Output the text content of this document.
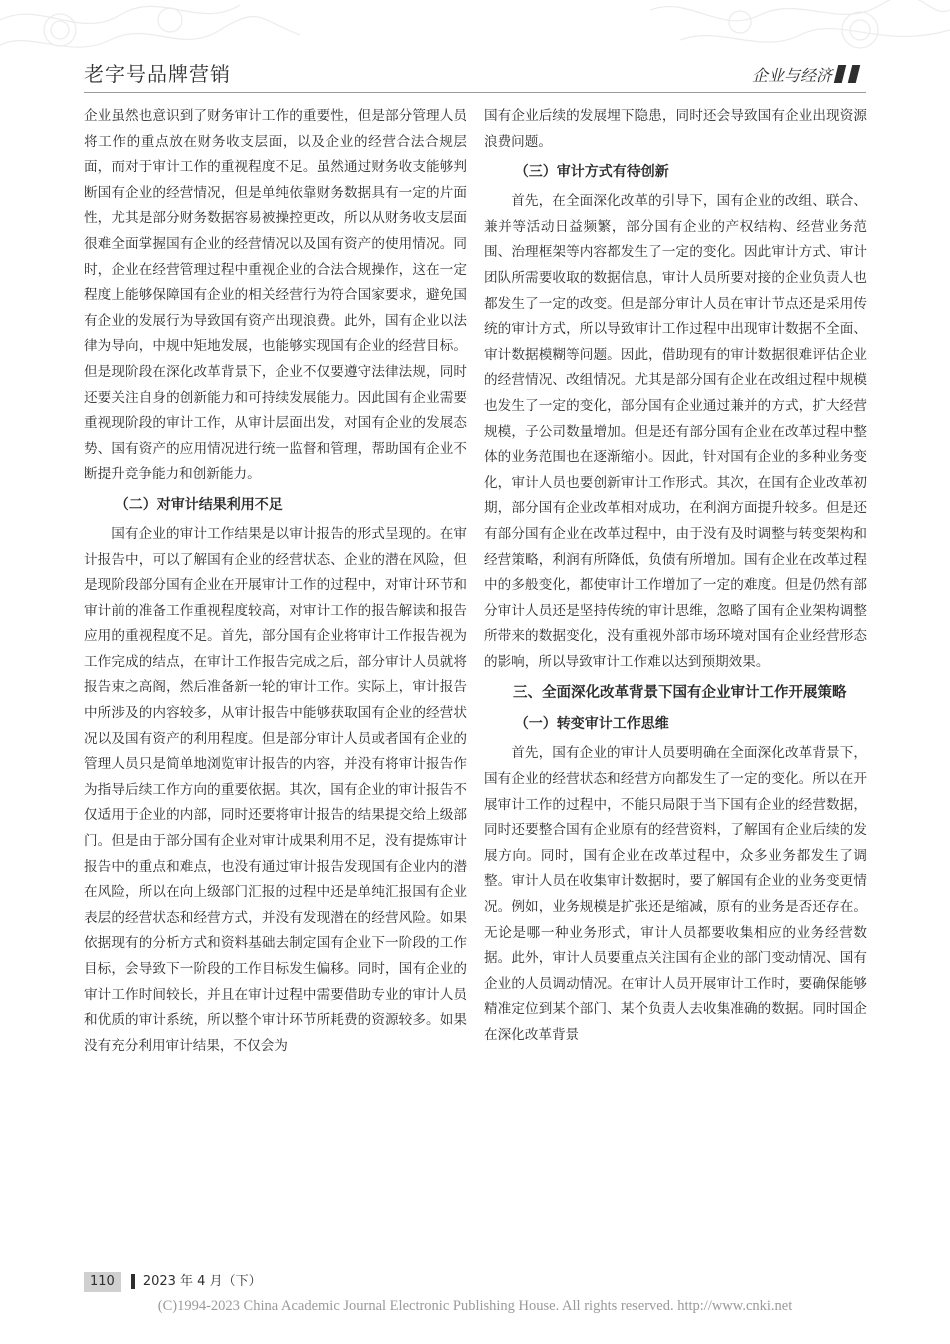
老字号品牌营销	企业与经济

企业虽然也意识到了财务审计工作的重要性，但是部分管理人员将工作的重点放在财务收支层面，以及企业的经营合法合规层面，而对于审计工作的重视程度不足。虽然通过财务收支能够判断国有企业的经营情况，但是单纯依靠财务数据具有一定的片面性，尤其是部分财务数据容易被操控更改，所以从财务收支层面很难全面掌握国有企业的经营情况以及国有资产的使用情况。同时，企业在经营管理过程中重视企业的合法合规操作，这在一定程度上能够保障国有企业的相关经营行为符合国家要求，避免国有企业的发展行为导致国有资产出现浪费。此外，国有企业以法律为导向，中规中矩地发展，也能够实现国有企业的经营目标。但是现阶段在深化改革背景下，企业不仅要遵守法律法规，同时还要关注自身的创新能力和可持续发展能力。因此国有企业需要重视现阶段的审计工作，从审计层面出发，对国有企业的发展态势、国有资产的应用情况进行统一监督和管理，帮助国有企业不断提升竞争能力和创新能力。

（二）对审计结果利用不足

国有企业的审计工作结果是以审计报告的形式呈现的。在审计报告中，可以了解国有企业的经营状态、企业的潜在风险，但是现阶段部分国有企业在开展审计工作的过程中，对审计环节和审计前的准备工作重视程度较高，对审计工作的报告解读和报告应用的重视程度不足。首先，部分国有企业将审计工作报告视为工作完成的结点，在审计工作报告完成之后，部分审计人员就将报告束之高阁，然后准备新一轮的审计工作。实际上，审计报告中所涉及的内容较多，从审计报告中能够获取国有企业的经营状况以及国有资产的利用程度。但是部分审计人员或者国有企业的管理人员只是简单地浏览审计报告的内容，并没有将审计报告作为指导后续工作方向的重要依据。其次，国有企业的审计报告不仅适用于企业的内部，同时还要将审计报告的结果提交给上级部门。但是由于部分国有企业对审计成果利用不足，没有提炼审计报告中的重点和难点，也没有通过审计报告发现国有企业内的潜在风险，所以在向上级部门汇报的过程中还是单纯汇报国有企业表层的经营状态和经营方式，并没有发现潜在的经营风险。如果依据现有的分析方式和资料基础去制定国有企业下一阶段的工作目标，会导致下一阶段的工作目标发生偏移。同时，国有企业的审计工作时间较长，并且在审计过程中需要借助专业的审计人员和优质的审计系统，所以整个审计环节所耗费的资源较多。如果没有充分利用审计结果，不仅会为

国有企业后续的发展埋下隐患，同时还会导致国有企业出现资源浪费问题。

（三）审计方式有待创新

首先，在全面深化改革的引导下，国有企业的改组、联合、兼并等活动日益频繁，部分国有企业的产权结构、经营业务范围、治理框架等内容都发生了一定的变化。因此审计方式、审计团队所需要收取的数据信息，审计人员所要对接的企业负责人也都发生了一定的改变。但是部分审计人员在审计节点还是采用传统的审计方式，所以导致审计工作过程中出现审计数据不全面、审计数据模糊等问题。因此，借助现有的审计数据很难评估企业的经营情况、改组情况。尤其是部分国有企业在改组过程中规模也发生了一定的变化，部分国有企业通过兼并的方式，扩大经营规模，子公司数量增加。但是还有部分国有企业在改革过程中整体的业务范围也在逐渐缩小。因此，针对国有企业的多种业务变化，审计人员也要创新审计工作形式。其次，在国有企业改革初期，部分国有企业改革相对成功，在利润方面提升较多。但是还有部分国有企业在改革过程中，由于没有及时调整与转变架构和经营策略，利润有所降低，负债有所增加。国有企业在改革过程中的多般变化，都使审计工作增加了一定的难度。但是仍然有部分审计人员还是坚持传统的审计思维，忽略了国有企业架构调整所带来的数据变化，没有重视外部市场环境对国有企业经营形态的影响，所以导致审计工作难以达到预期效果。

三、全面深化改革背景下国有企业审计工作开展策略
（一）转变审计工作思维

首先，国有企业的审计人员要明确在全面深化改革背景下，国有企业的经营状态和经营方向都发生了一定的变化。所以在开展审计工作的过程中，不能只局限于当下国有企业的经营数据，同时还要整合国有企业原有的经营资料，了解国有企业后续的发展方向。同时，国有企业在改革过程中，众多业务都发生了调整。审计人员在收集审计数据时，要了解国有企业的业务变更情况。例如，业务规模是扩张还是缩减，原有的业务是否还存在。无论是哪一种业务形式，审计人员都要收集相应的业务经营数据。此外，审计人员要重点关注国有企业的部门变动情况、国有企业的人员调动情况。在审计人员开展审计工作时，要确保能够精准定位到某个部门、某个负责人去收集准确的数据。同时国企在深化改革背景

110 2023 年 4 月（下）
(C)1994-2023 China Academic Journal Electronic Publishing House. All rights reserved. http://www.cnki.net
